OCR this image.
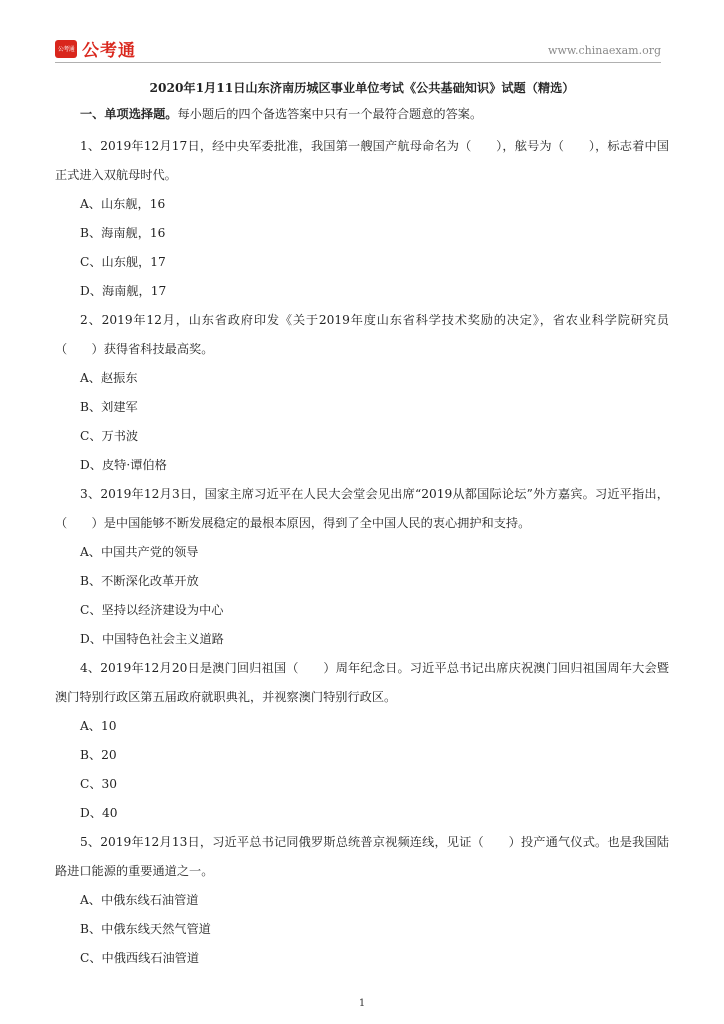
公考通 公考通	www.chinaexam.org

2020年1月11日山东济南历城区事业单位考试《公共基础知识》试题（精选）

一、单项选择题。每小题后的四个备选答案中只有一个最符合题意的答案。

1、2019年12月17日，经中央军委批准，我国第一艘国产航母命名为（　　），舷号为（　　），标志着中国正式进入双航母时代。

A、山东舰，16

B、海南舰，16

C、山东舰，17

D、海南舰，17

2、2019年12月，山东省政府印发《关于2019年度山东省科学技术奖励的决定》，省农业科学院研究员（　　）获得省科技最高奖。

A、赵振东

B、刘建军

C、万书波

D、皮特·谭伯格

3、2019年12月3日，国家主席习近平在人民大会堂会见出席“2019从都国际论坛”外方嘉宾。习近平指出，（　　）是中国能够不断发展稳定的最根本原因，得到了全中国人民的衷心拥护和支持。

A、中国共产党的领导

B、不断深化改革开放

C、坚持以经济建设为中心

D、中国特色社会主义道路

4、2019年12月20日是澳门回归祖国（　　）周年纪念日。习近平总书记出席庆祝澳门回归祖国周年大会暨澳门特别行政区第五届政府就职典礼，并视察澳门特别行政区。

A、10

B、20

C、30

D、40

5、2019年12月13日，习近平总书记同俄罗斯总统普京视频连线，见证（　　）投产通气仪式。也是我国陆路进口能源的重要通道之一。

A、中俄东线石油管道

B、中俄东线天然气管道

C、中俄西线石油管道

1
